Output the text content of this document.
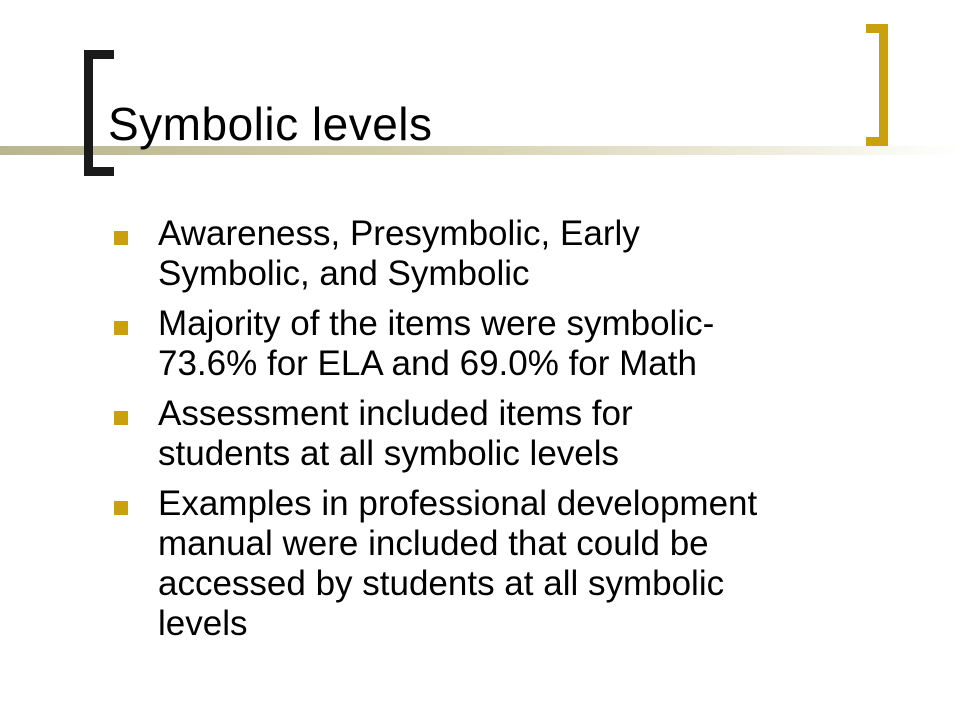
Symbolic levels
Awareness, Presymbolic, Early
Symbolic, and Symbolic
Majority of the items were symbolic-
73.6% for ELA and 69.0% for Math
Assessment included items for
students at all symbolic levels
Examples in professional development
manual were included that could be
accessed by students at all symbolic
levels
